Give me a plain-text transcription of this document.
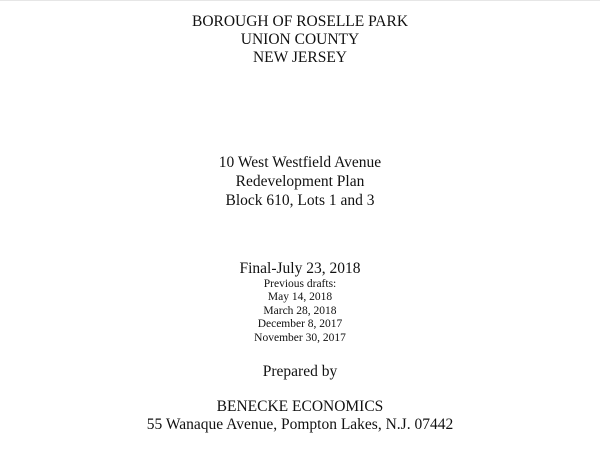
BOROUGH OF ROSELLE PARK
UNION COUNTY
NEW JERSEY
10 West Westfield Avenue
Redevelopment Plan
Block 610, Lots 1 and 3
Final-July 23, 2018
Previous drafts:
May 14, 2018
March 28, 2018
December 8, 2017
November 30, 2017
Prepared by
BENECKE ECONOMICS
55 Wanaque Avenue, Pompton Lakes, N.J. 07442
